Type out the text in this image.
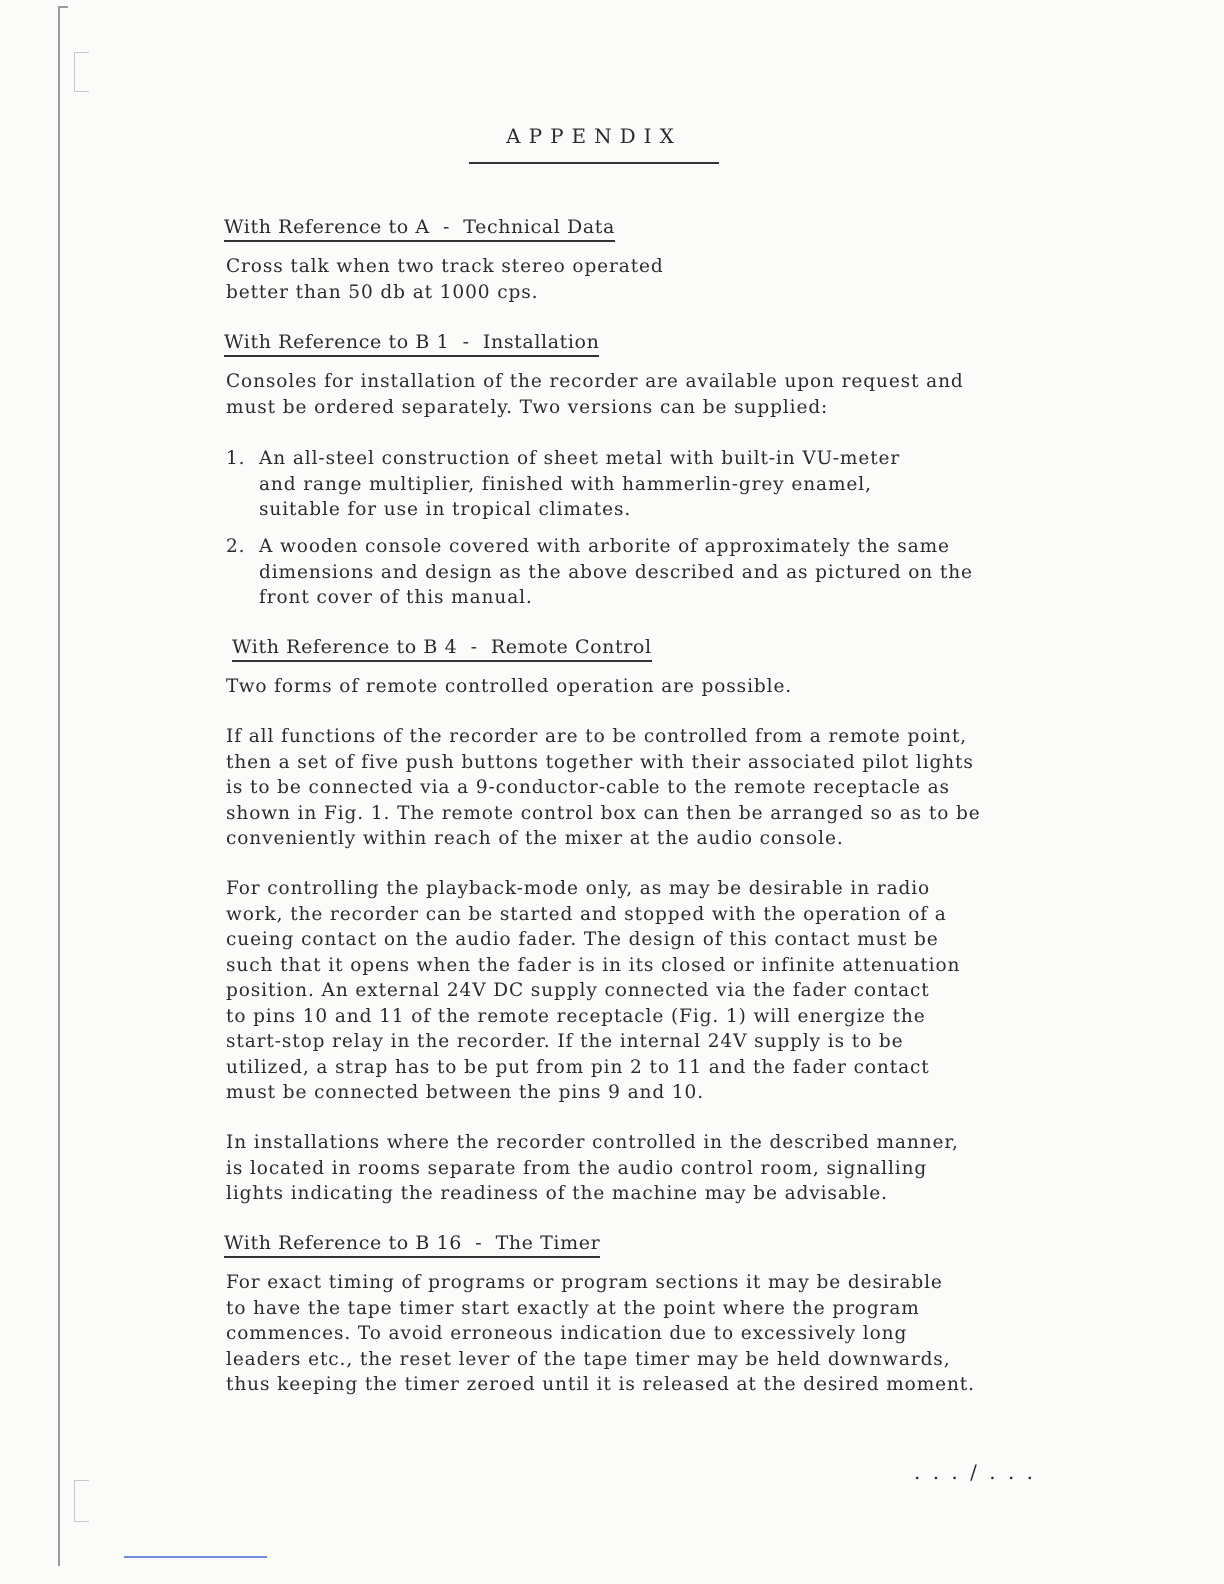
APPENDIX
With Reference to A  -  Technical Data

Cross talk when two track stereo operated
better than 50 db at 1000 cps.

With Reference to B 1  -  Installation

Consoles for installation of the recorder are available upon request and
must be ordered separately. Two versions can be supplied:

1. An all-steel construction of sheet metal with built-in VU-meter
and range multiplier, finished with hammerlin-grey enamel,
suitable for use in tropical climates.
2. A wooden console covered with arborite of approximately the same
dimensions and design as the above described and as pictured on the
front cover of this manual.
With Reference to B 4  -  Remote Control

Two forms of remote controlled operation are possible.

If all functions of the recorder are to be controlled from a remote point,
then a set of five push buttons together with their associated pilot lights
is to be connected via a 9-conductor-cable to the remote receptacle as
shown in Fig. 1. The remote control box can then be arranged so as to be
conveniently within reach of the mixer at the audio console.

For controlling the playback-mode only, as may be desirable in radio
work, the recorder can be started and stopped with the operation of a
cueing contact on the audio fader. The design of this contact must be
such that it opens when the fader is in its closed or infinite attenuation
position. An external 24V DC supply connected via the fader contact
to pins 10 and 11 of the remote receptacle (Fig. 1) will energize the
start-stop relay in the recorder. If the internal 24V supply is to be
utilized, a strap has to be put from pin 2 to 11 and the fader contact
must be connected between the pins 9 and 10.

In installations where the recorder controlled in the described manner,
is located in rooms separate from the audio control room, signalling
lights indicating the readiness of the machine may be advisable.

With Reference to B 16  -  The Timer

For exact timing of programs or program sections it may be desirable
to have the tape timer start exactly at the point where the program
commences. To avoid erroneous indication due to excessively long
leaders etc., the reset lever of the tape timer may be held downwards,
thus keeping the timer zeroed until it is released at the desired moment.

. . . / . . .
